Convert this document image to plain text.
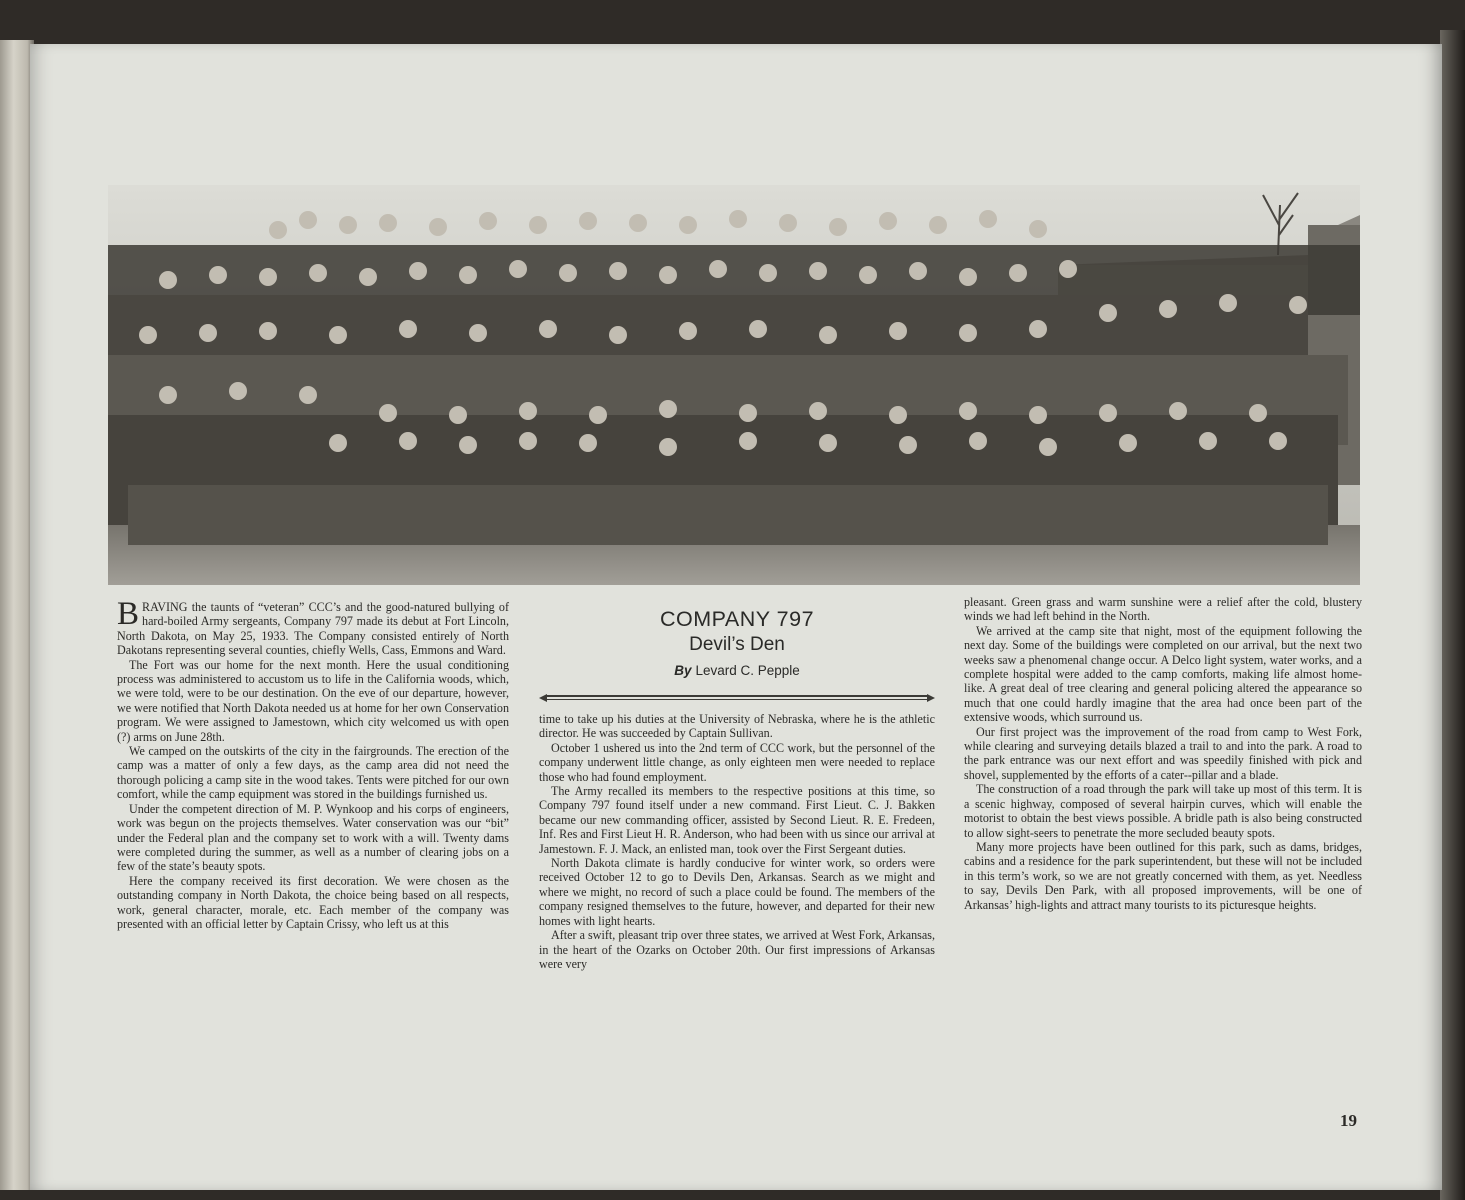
BRAVING the taunts of “veteran” CCC’s and the good-natured bullying of hard-boiled Army sergeants, Company 797 made its debut at Fort Lincoln, North Dakota, on May 25, 1933. The Company consisted entirely of North Dakotans representing several counties, chiefly Wells, Cass, Emmons and Ward.

The Fort was our home for the next month. Here the usual conditioning process was administered to accustom us to life in the California woods, which, we were told, were to be our destination. On the eve of our departure, however, we were notified that North Dakota needed us at home for her own Conservation program. We were assigned to Jamestown, which city welcomed us with open (?) arms on June 28th.

We camped on the outskirts of the city in the fairgrounds. The erection of the camp was a matter of only a few days, as the camp area did not need the thorough policing a camp site in the wood takes. Tents were pitched for our own comfort, while the camp equipment was stored in the buildings furnished us.

Under the competent direction of M. P. Wynkoop and his corps of engineers, work was begun on the projects themselves. Water conservation was our “bit” under the Federal plan and the company set to work with a will. Twenty dams were completed during the summer, as well as a number of clearing jobs on a few of the state’s beauty spots.

Here the company received its first decoration. We were chosen as the outstanding company in North Dakota, the choice being based on all respects, work, general character, morale, etc. Each member of the company was presented with an official letter by Captain Crissy, who left us at this

COMPANY 797
Devil’s Den
By Levard C. Pepple

time to take up his duties at the University of Nebraska, where he is the athletic director. He was succeeded by Captain Sullivan.

October 1 ushered us into the 2nd term of CCC work, but the personnel of the company underwent little change, as only eighteen men were needed to replace those who had found employment.

The Army recalled its members to the respective positions at this time, so Company 797 found itself under a new command. First Lieut. C. J. Bakken became our new commanding officer, assisted by Second Lieut. R. E. Fredeen, Inf. Res and First Lieut H. R. Anderson, who had been with us since our arrival at Jamestown. F. J. Mack, an enlisted man, took over the First Sergeant duties.

North Dakota climate is hardly conducive for winter work, so orders were received October 12 to go to Devils Den, Arkansas. Search as we might and where we might, no record of such a place could be found. The members of the company resigned themselves to the future, however, and departed for their new homes with light hearts.

After a swift, pleasant trip over three states, we arrived at West Fork, Arkansas, in the heart of the Ozarks on October 20th. Our first impressions of Arkansas were very

pleasant. Green grass and warm sunshine were a relief after the cold, blustery winds we had left behind in the North.

We arrived at the camp site that night, most of the equipment following the next day. Some of the buildings were completed on our arrival, but the next two weeks saw a phenomenal change occur. A Delco light system, water works, and a complete hospital were added to the camp comforts, making life almost home-like. A great deal of tree clearing and general policing altered the appearance so much that one could hardly imagine that the area had once been part of the extensive woods, which surround us.

Our first project was the improvement of the road from camp to West Fork, while clearing and surveying details blazed a trail to and into the park. A road to the park entrance was our next effort and was speedily finished with pick and shovel, supplemented by the efforts of a cater--pillar and a blade.

The construction of a road through the park will take up most of this term. It is a scenic highway, composed of several hairpin curves, which will enable the motorist to obtain the best views possible. A bridle path is also being constructed to allow sight-seers to penetrate the more secluded beauty spots.

Many more projects have been outlined for this park, such as dams, bridges, cabins and a residence for the park superintendent, but these will not be included in this term’s work, so we are not greatly concerned with them, as yet. Needless to say, Devils Den Park, with all proposed improvements, will be one of Arkansas’ high-lights and attract many tourists to its picturesque heights.

19
